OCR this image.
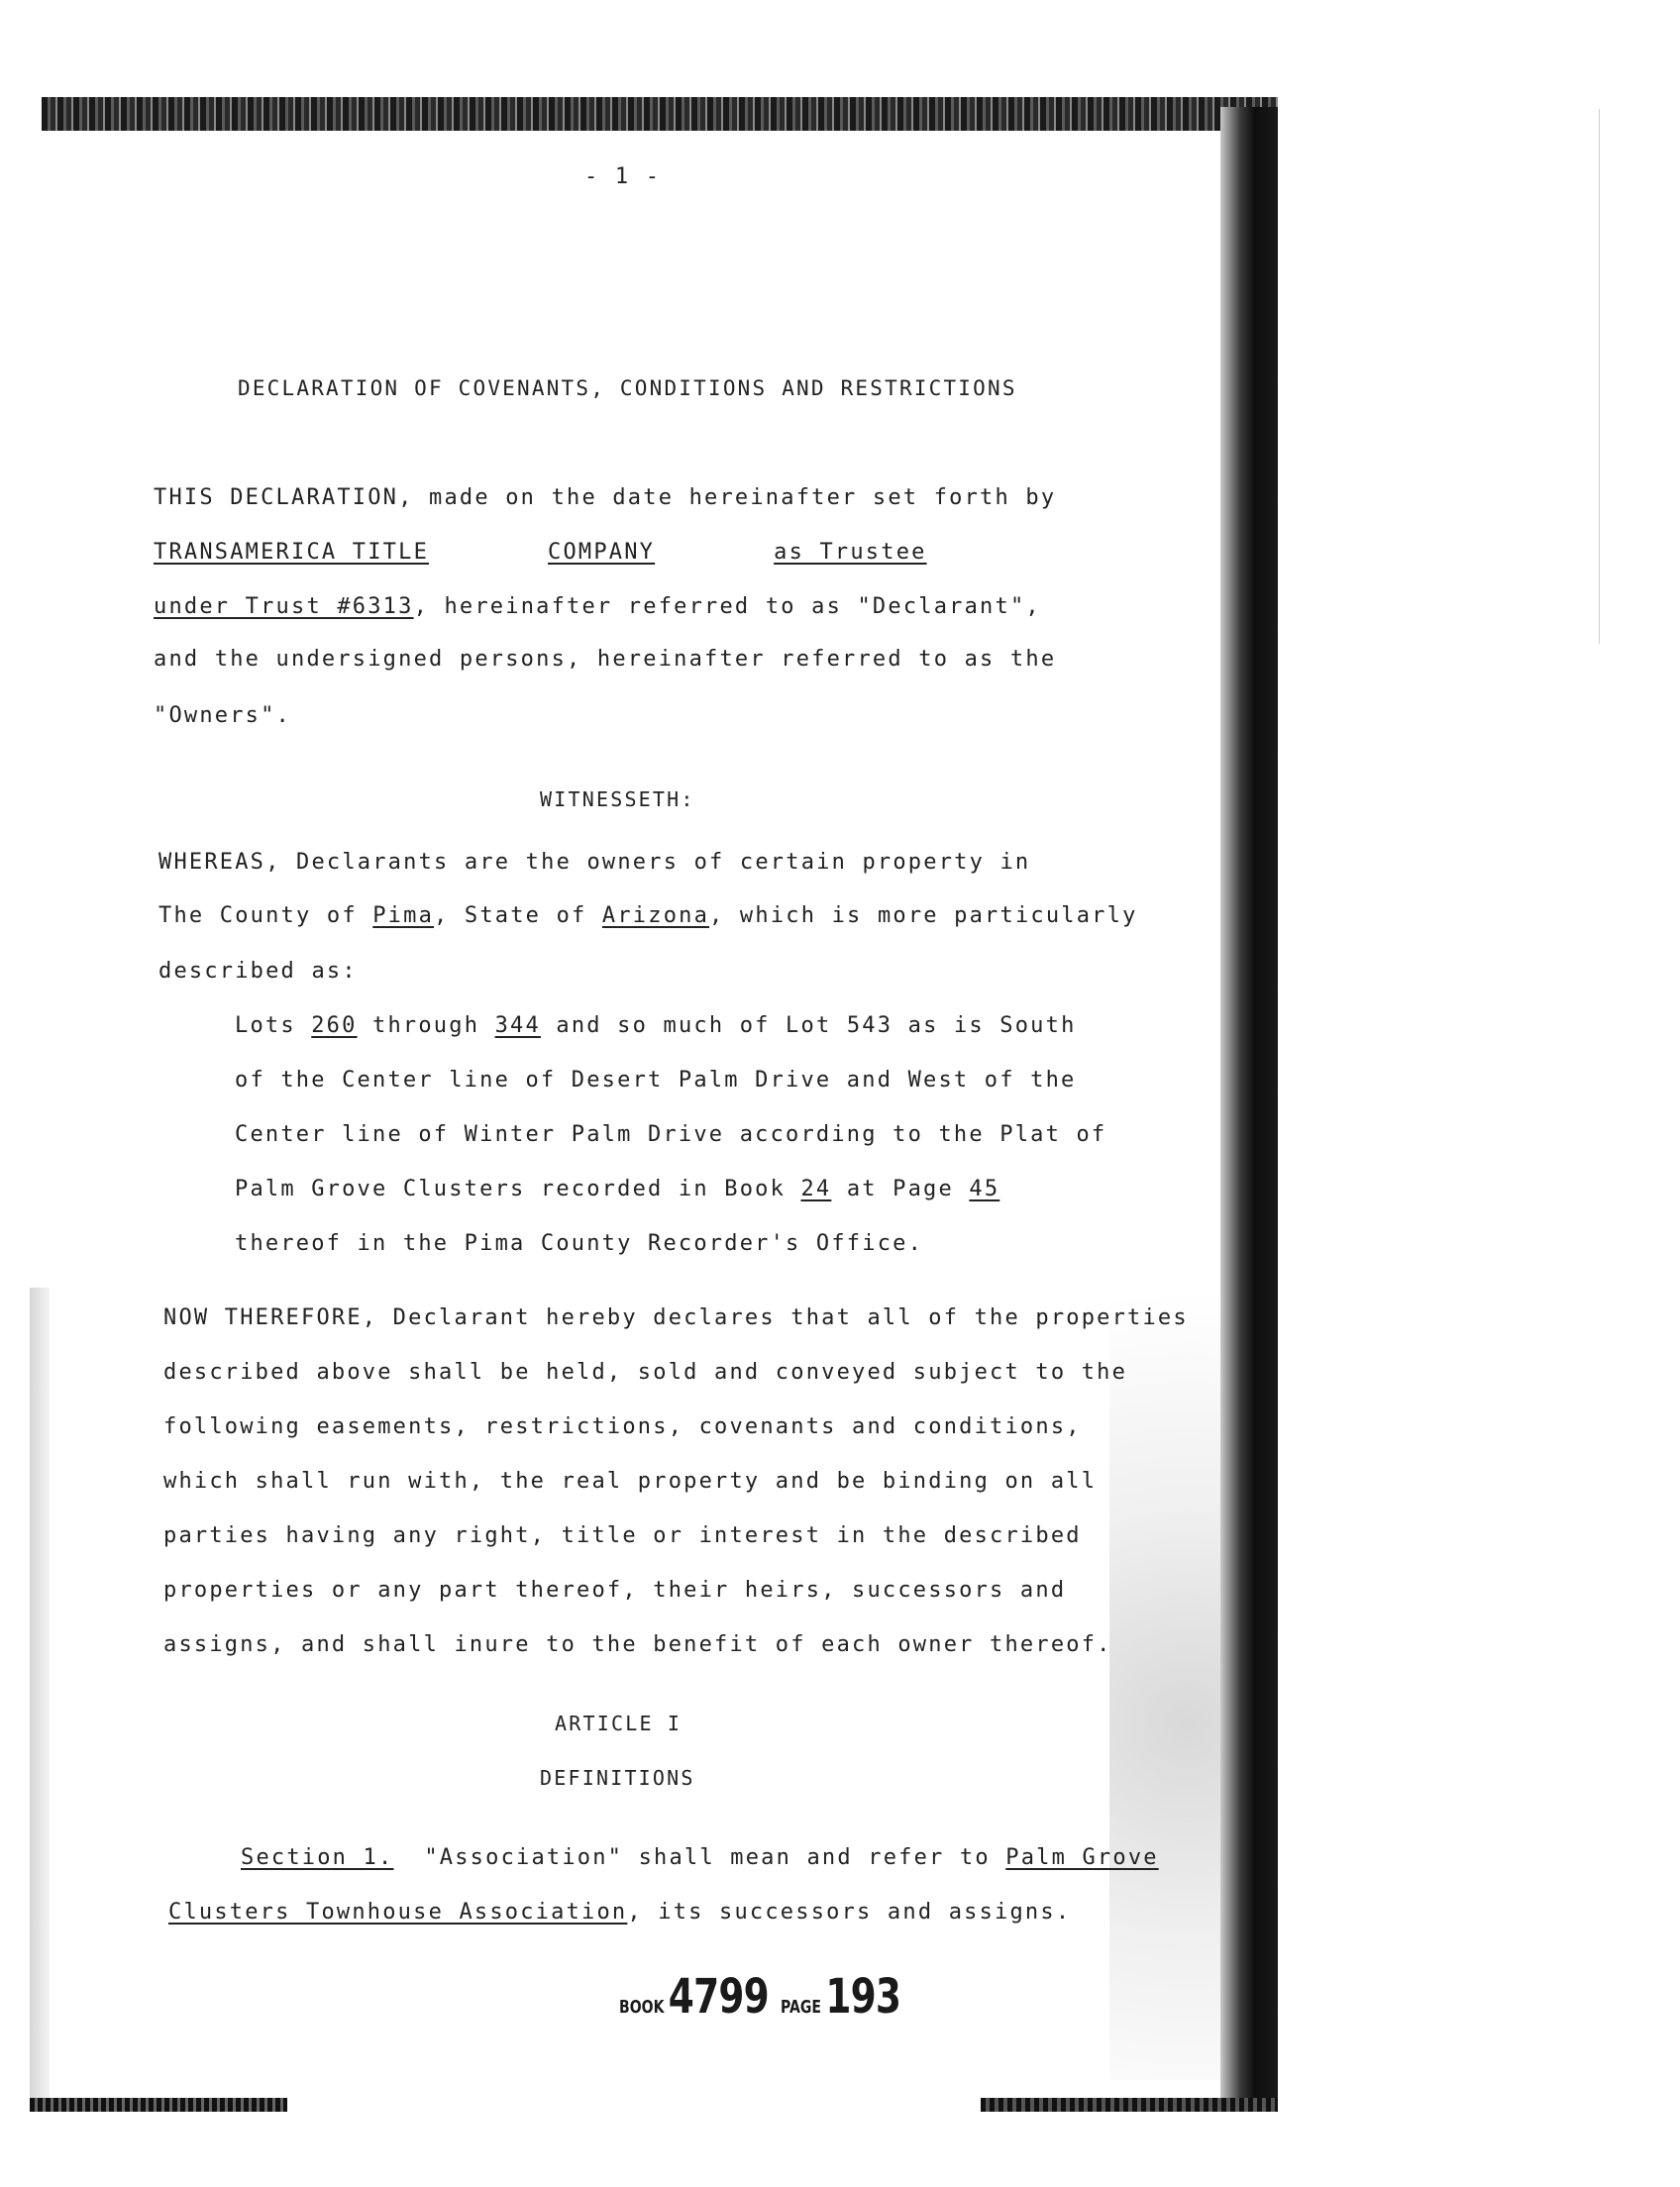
- 1 -
DECLARATION OF COVENANTS, CONDITIONS AND RESTRICTIONS
THIS DECLARATION, made on the date hereinafter set forth by
TRANSAMERICA TITLE	COMPANY	as Trustee
under Trust #6313, hereinafter referred to as "Declarant",
and the undersigned persons, hereinafter referred to as the
"Owners".
WITNESSETH:
WHEREAS, Declarants are the owners of certain property in
The County of Pima, State of Arizona, which is more particularly
described as:
Lots 260 through 344 and so much of Lot 543 as is South
of the Center line of Desert Palm Drive and West of the
Center line of Winter Palm Drive according to the Plat of
Palm Grove Clusters recorded in Book 24 at Page 45
thereof in the Pima County Recorder's Office.
NOW THEREFORE, Declarant hereby declares that all of the properties
described above shall be held, sold and conveyed subject to the
following easements, restrictions, covenants and conditions,
which shall run with, the real property and be binding on all
parties having any right, title or interest in the described
properties or any part thereof, their heirs, successors and
assigns, and shall inure to the benefit of each owner thereof.
ARTICLE I
DEFINITIONS
Section 1.  "Association" shall mean and refer to Palm Grove
Clusters Townhouse Association, its successors and assigns.
BOOK 4799 PAGE 193
